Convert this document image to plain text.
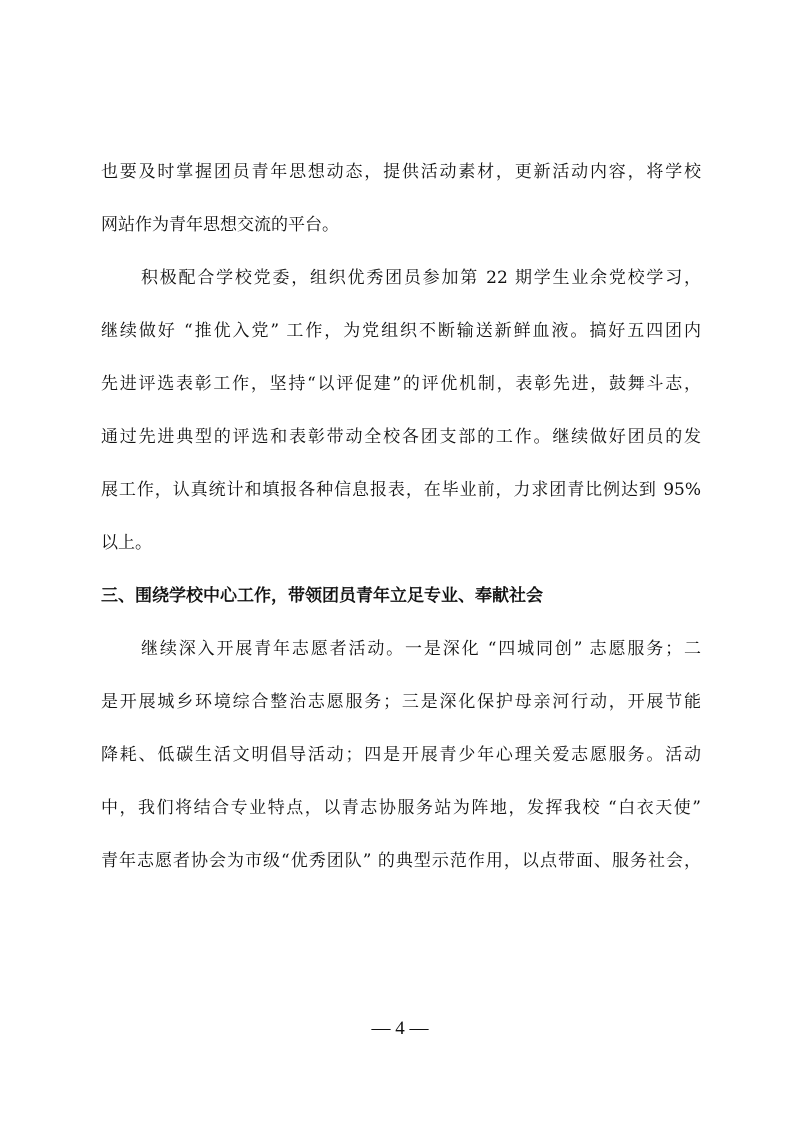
也要及时掌握团员青年思想动态，提供活动素材，更新活动内容，将学校
网站作为青年思想交流的平台。
积极配合学校党委，组织优秀团员参加第 22 期学生业余党校学习，
继续做好 “推优入党” 工作，为党组织不断输送新鲜血液。搞好五四团内
先进评选表彰工作，坚持“以评促建”的评优机制，表彰先进，鼓舞斗志，
通过先进典型的评选和表彰带动全校各团支部的工作。继续做好团员的发
展工作，认真统计和填报各种信息报表，在毕业前，力求团青比例达到 95%
以上。
三、围绕学校中心工作，带领团员青年立足专业、奉献社会
继续深入开展青年志愿者活动。一是深化 “四城同创” 志愿服务；二
是开展城乡环境综合整治志愿服务；三是深化保护母亲河行动，开展节能
降耗、低碳生活文明倡导活动；四是开展青少年心理关爱志愿服务。活动
中，我们将结合专业特点，以青志协服务站为阵地，发挥我校 “白衣天使”
青年志愿者协会为市级“优秀团队” 的典型示范作用，以点带面、服务社会，
— 4 —
